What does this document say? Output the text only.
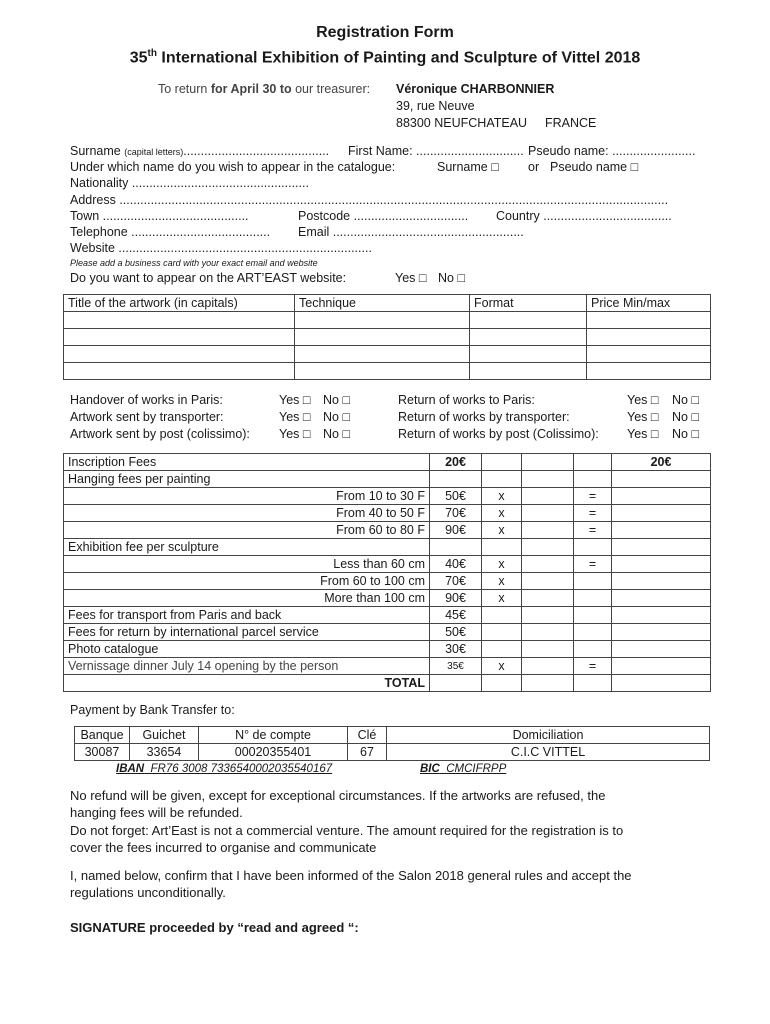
Registration Form
35th International Exhibition of Painting and Sculpture of Vittel 2018
To return for April 30 to our treasurer: Véronique CHARBONNIER
39, rue Neuve
88300 NEUFCHATEAU FRANCE
Surname (capital letters).......................................... First Name: ............................... Pseudo name: ........................
Under which name do you wish to appear in the catalogue:	Surname □ or Pseudo name □
Nationality ...................................................
Address ..............................................................................................................................................................
Town ..........................................	Postcode ................................. Country .....................................
Telephone ........................................ Email .......................................................
Website .........................................................................
Please add a business card with your exact email and website
Do you want to appear on the ART’EAST website:	Yes □ No □
Title of the artwork (in capitals)	Technique	Format	Price Min/max

Handover of works in Paris:	Yes □ No □
Artwork sent by transporter:	Yes □ No □
Artwork sent by post (colissimo): Yes □ No □
Return of works to Paris:	Yes □ No □
Return of works by transporter:	Yes □ No □
Return of works by post (Colissimo): Yes □ No □
Inscription Fees	20€				20€
Hanging fees per painting					
From 10 to 30 F	50€	x		=	
From 40 to 50 F	70€	x		=	
From 60 to 80 F	90€	x		=	
Exhibition fee per sculpture					
Less than 60 cm	40€	x		=	
From 60 to 100 cm	70€	x			
More than 100 cm	90€	x			
Fees for transport from Paris and back	45€				
Fees for return by international parcel service	50€				
Photo catalogue	30€				
Vernissage dinner July 14 opening by the person	35€	x		=	
TOTAL					
Payment by Bank Transfer to:
Banque	Guichet	N° de compte	Clé	Domiciliation
30087	33654	00020355401	67	C.I.C VITTEL
IBAN FR76 3008 7336540002035540167	BIC CMCIFRPP
No refund will be given, except for exceptional circumstances. If the artworks are refused, the
hanging fees will be refunded.
Do not forget: Art’East is not a commercial venture. The amount required for the registration is to
cover the fees incurred to organise and communicate
I, named below, confirm that I have been informed of the Salon 2018 general rules and accept the
regulations unconditionally.
SIGNATURE proceeded by “read and agreed “:
